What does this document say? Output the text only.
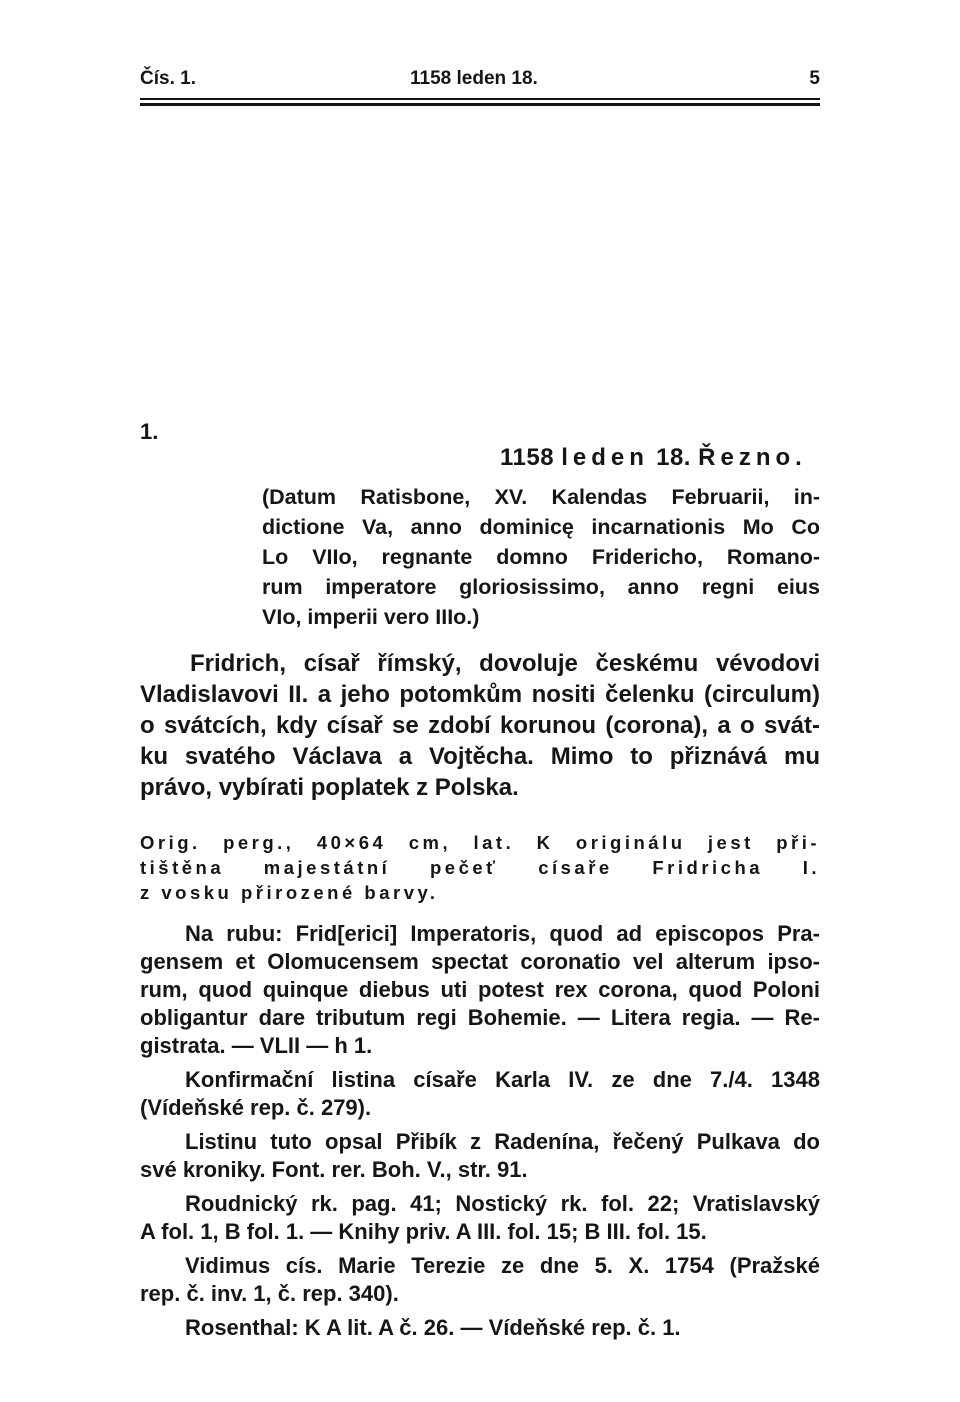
Čís. 1.	1158 leden 18.	5
1.
1158 leden 18. Řezno.
(Datum Ratisbone, XV. Kalendas Februarii, in-
dictione Va, anno dominicę incarnationis Mo Co
Lo VIIo, regnante domno Fridericho, Romano-
rum imperatore gloriosissimo, anno regni eius
VIo, imperii vero IIIo.)
Fridrich, císař římský, dovoluje českému vévodovi
Vladislavovi II. a jeho potomkům nositi čelenku (circulum)
o svátcích, kdy císař se zdobí korunou (corona), a o svát-
ku svatého Václava a Vojtěcha. Mimo to přiznává mu
právo, vybírati poplatek z Polska.
Orig. perg., 40×64 cm, lat. K originálu jest při-
tištěna majestátní pečeť císaře Fridricha I.
z vosku přirozené barvy.
Na rubu: Frid[erici] Imperatoris, quod ad episcopos Pra-
gensem et Olomucensem spectat coronatio vel alterum ipso-
rum, quod quinque diebus uti potest rex corona, quod Poloni
obligantur dare tributum regi Bohemie. — Litera regia. — Re-
gistrata. — VLII — h 1.
Konfirmační listina císaře Karla IV. ze dne 7./4. 1348
(Vídeňské rep. č. 279).
Listinu tuto opsal Přibík z Radenína, řečený Pulkava do
své kroniky. Font. rer. Boh. V., str. 91.
Roudnický rk. pag. 41; Nostický rk. fol. 22; Vratislavský
A fol. 1, B fol. 1. — Knihy priv. A III. fol. 15; B III. fol. 15.
Vidimus cís. Marie Terezie ze dne 5. X. 1754 (Pražské
rep. č. inv. 1, č. rep. 340).
Rosenthal: K A lit. A č. 26. — Vídeňské rep. č. 1.
